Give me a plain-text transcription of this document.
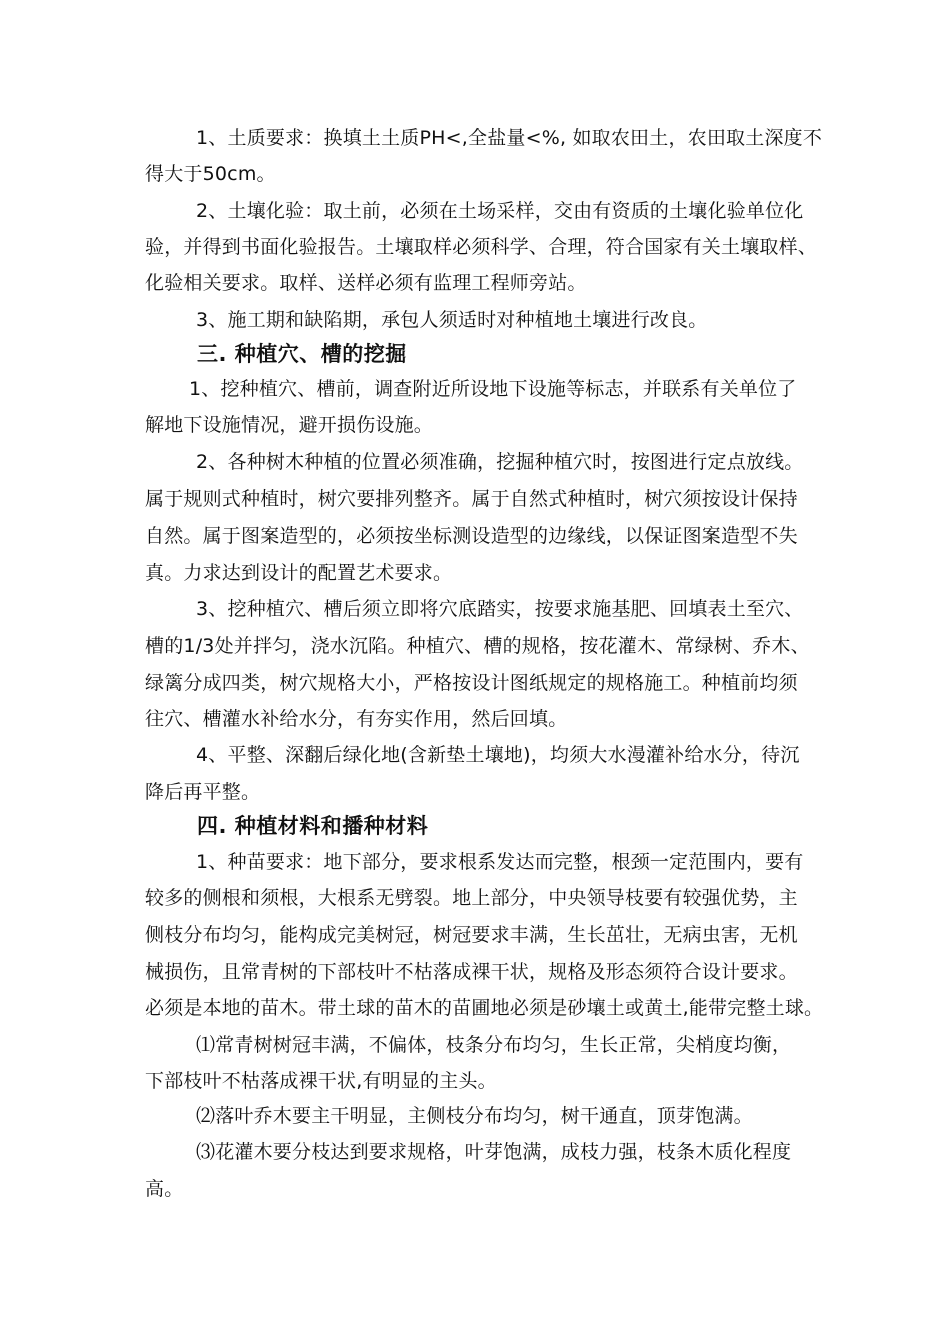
1、土质要求：换填土土质PH<,全盐量<%, 如取农田土，农田取土深度不
得大于50cm。
2、土壤化验：取土前，必须在土场采样，交由有资质的土壤化验单位化
验，并得到书面化验报告。土壤取样必须科学、合理，符合国家有关土壤取样、
化验相关要求。取样、送样必须有监理工程师旁站。
3、施工期和缺陷期，承包人须适时对种植地土壤进行改良。
三. 种植穴、槽的挖掘
1、挖种植穴、槽前，调查附近所设地下设施等标志，并联系有关单位了
解地下设施情况，避开损伤设施。
2、各种树木种植的位置必须准确，挖掘种植穴时，按图进行定点放线。
属于规则式种植时，树穴要排列整齐。属于自然式种植时，树穴须按设计保持
自然。属于图案造型的，必须按坐标测设造型的边缘线，以保证图案造型不失
真。力求达到设计的配置艺术要求。
3、挖种植穴、槽后须立即将穴底踏实，按要求施基肥、回填表土至穴、
槽的1/3处并拌匀，浇水沉陷。种植穴、槽的规格，按花灌木、常绿树、乔木、
绿篱分成四类，树穴规格大小，严格按设计图纸规定的规格施工。种植前均须
往穴、槽灌水补给水分，有夯实作用，然后回填。
4、平整、深翻后绿化地(含新垫土壤地)，均须大水漫灌补给水分，待沉
降后再平整。
四. 种植材料和播种材料
1、种苗要求：地下部分，要求根系发达而完整，根颈一定范围内，要有
较多的侧根和须根，大根系无劈裂。地上部分，中央领导枝要有较强优势，主
侧枝分布均匀，能构成完美树冠，树冠要求丰满，生长茁壮，无病虫害，无机
械损伤，且常青树的下部枝叶不枯落成裸干状，规格及形态须符合设计要求。
必须是本地的苗木。带土球的苗木的苗圃地必须是砂壤土或黄土,能带完整土球。
⑴常青树树冠丰满，不偏体，枝条分布均匀，生长正常，尖梢度均衡，
下部枝叶不枯落成裸干状,有明显的主头。
⑵落叶乔木要主干明显，主侧枝分布均匀，树干通直，顶芽饱满。
⑶花灌木要分枝达到要求规格，叶芽饱满，成枝力强，枝条木质化程度
高。
